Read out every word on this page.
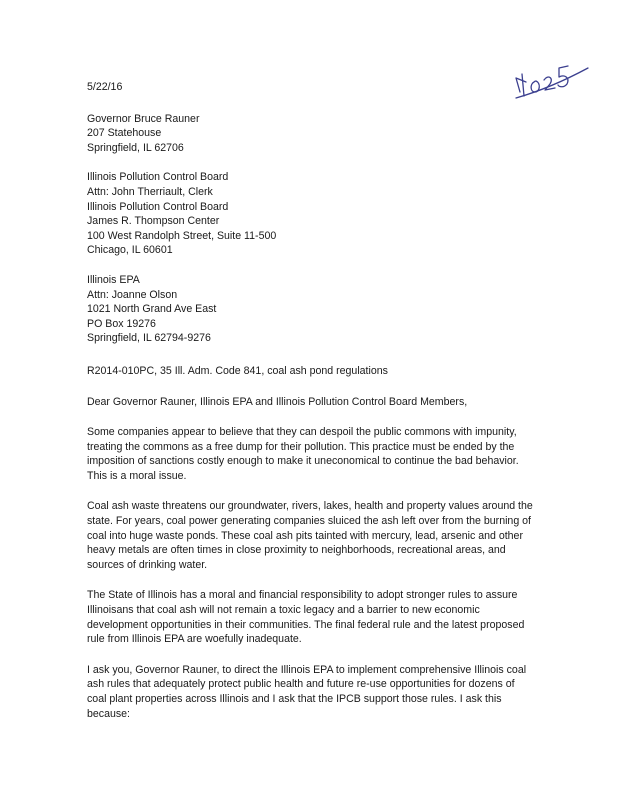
5/22/16
Governor Bruce Rauner
207 Statehouse
Springfield, IL 62706
Illinois Pollution Control Board
Attn: John Therriault, Clerk
Illinois Pollution Control Board
James R. Thompson Center
100 West Randolph Street, Suite 11-500
Chicago, IL 60601
Illinois EPA
Attn: Joanne Olson
1021 North Grand Ave East
PO Box 19276
Springfield, IL 62794-9276
R2014-010PC, 35 Ill. Adm. Code 841, coal ash pond regulations
Dear Governor Rauner, Illinois EPA and Illinois Pollution Control Board Members,

Some companies appear to believe that they can despoil the public commons with impunity,
treating the commons as a free dump for their pollution. This practice must be ended by the
imposition of sanctions costly enough to make it uneconomical to continue the bad behavior.
This is a moral issue.

Coal ash waste threatens our groundwater, rivers, lakes, health and property values around the
state. For years, coal power generating companies sluiced the ash left over from the burning of
coal into huge waste ponds. These coal ash pits tainted with mercury, lead, arsenic and other
heavy metals are often times in close proximity to neighborhoods, recreational areas, and
sources of drinking water.

The State of Illinois has a moral and financial responsibility to adopt stronger rules to assure
Illinoisans that coal ash will not remain a toxic legacy and a barrier to new economic
development opportunities in their communities. The final federal rule and the latest proposed
rule from Illinois EPA are woefully inadequate.

I ask you, Governor Rauner, to direct the Illinois EPA to implement comprehensive Illinois coal
ash rules that adequately protect public health and future re-use opportunities for dozens of
coal plant properties across Illinois and I ask that the IPCB support those rules. I ask this
because:
